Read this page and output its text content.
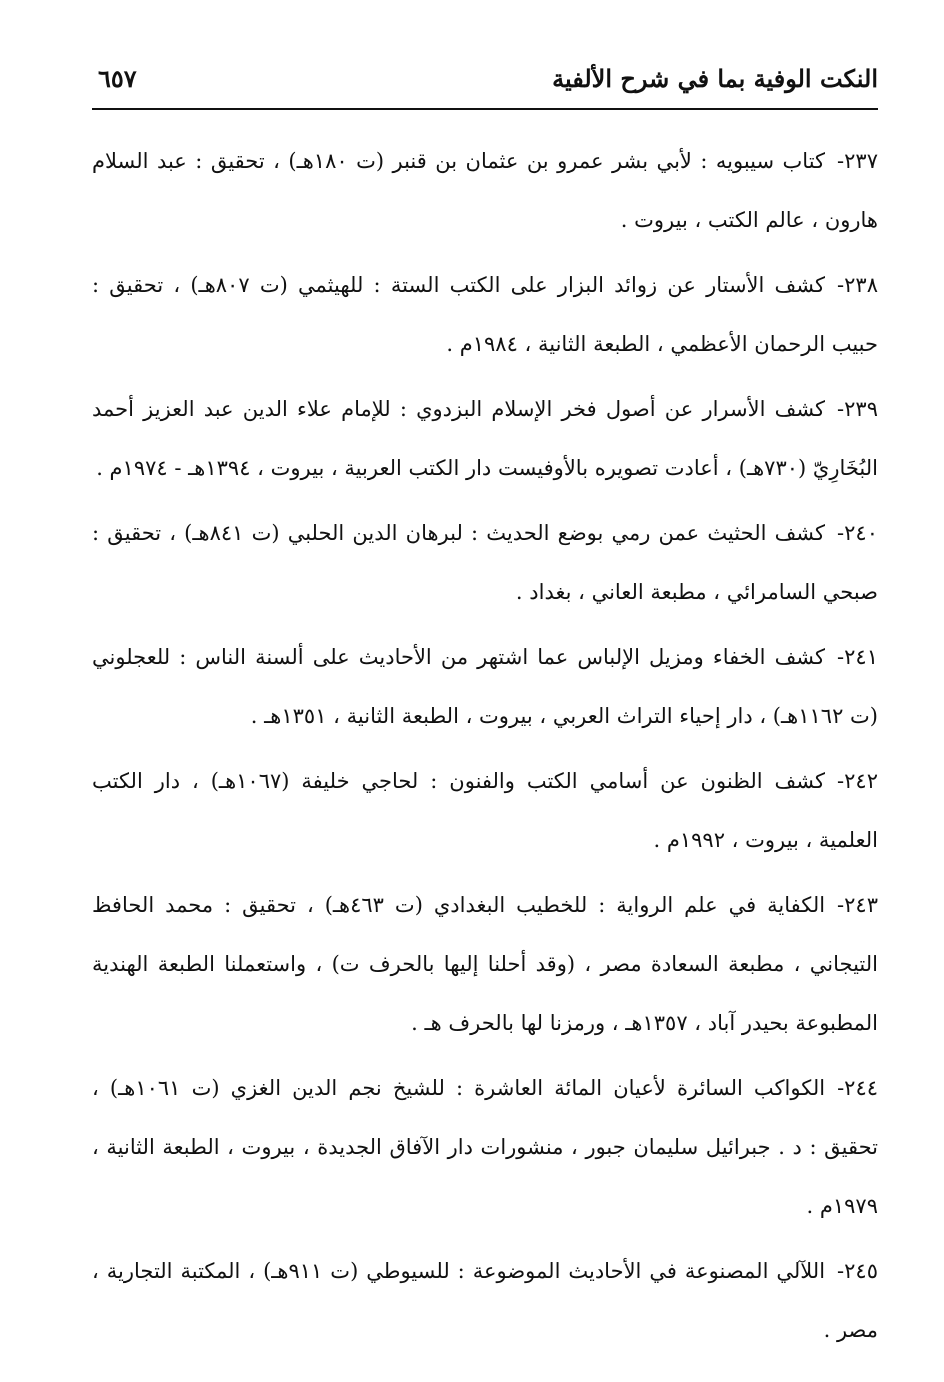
النكت الوفية بما في شرح الألفية
٦٥٧

٢٣٧-كتاب سيبويه : لأبي بشر عمرو بن عثمان بن قنبر (ت ١٨٠هـ) ، تحقيق : عبد السلام هارون ، عالم الكتب ، بيروت .

٢٣٨-كشف الأستار عن زوائد البزار على الكتب الستة : للهيثمي (ت ٨٠٧هـ) ، تحقيق : حبيب الرحمان الأعظمي ، الطبعة الثانية ، ١٩٨٤م .

٢٣٩-كشف الأسرار عن أصول فخر الإسلام البزدوي : للإمام علاء الدين عبد العزيز أحمد البُخَارِيّ (٧٣٠هـ) ، أعادت تصويره بالأوفيست دار الكتب العربية ، بيروت ، ١٣٩٤هـ - ١٩٧٤م .

٢٤٠-كشف الحثيث عمن رمي بوضع الحديث : لبرهان الدين الحلبي (ت ٨٤١هـ) ، تحقيق : صبحي السامرائي ، مطبعة العاني ، بغداد .

٢٤١-كشف الخفاء ومزيل الإلباس عما اشتهر من الأحاديث على ألسنة الناس : للعجلوني (ت ١١٦٢هـ) ، دار إحياء التراث العربي ، بيروت ، الطبعة الثانية ، ١٣٥١هـ .

٢٤٢-كشف الظنون عن أسامي الكتب والفنون : لحاجي خليفة (١٠٦٧هـ) ، دار الكتب العلمية ، بيروت ، ١٩٩٢م .

٢٤٣-الكفاية في علم الرواية : للخطيب البغدادي (ت ٤٦٣هـ) ، تحقيق : محمد الحافظ التيجاني ، مطبعة السعادة مصر ، (وقد أحلنا إليها بالحرف ت) ، واستعملنا الطبعة الهندية المطبوعة بحيدر آباد ، ١٣٥٧هـ ، ورمزنا لها بالحرف هـ .

٢٤٤-الكواكب السائرة لأعيان المائة العاشرة : للشيخ نجم الدين الغزي (ت ١٠٦١هـ) ، تحقيق : د . جبرائيل سليمان جبور ، منشورات دار الآفاق الجديدة ، بيروت ، الطبعة الثانية ، ١٩٧٩م .

٢٤٥-اللآلي المصنوعة في الأحاديث الموضوعة : للسيوطي (ت ٩١١هـ) ، المكتبة التجارية ، مصر .
